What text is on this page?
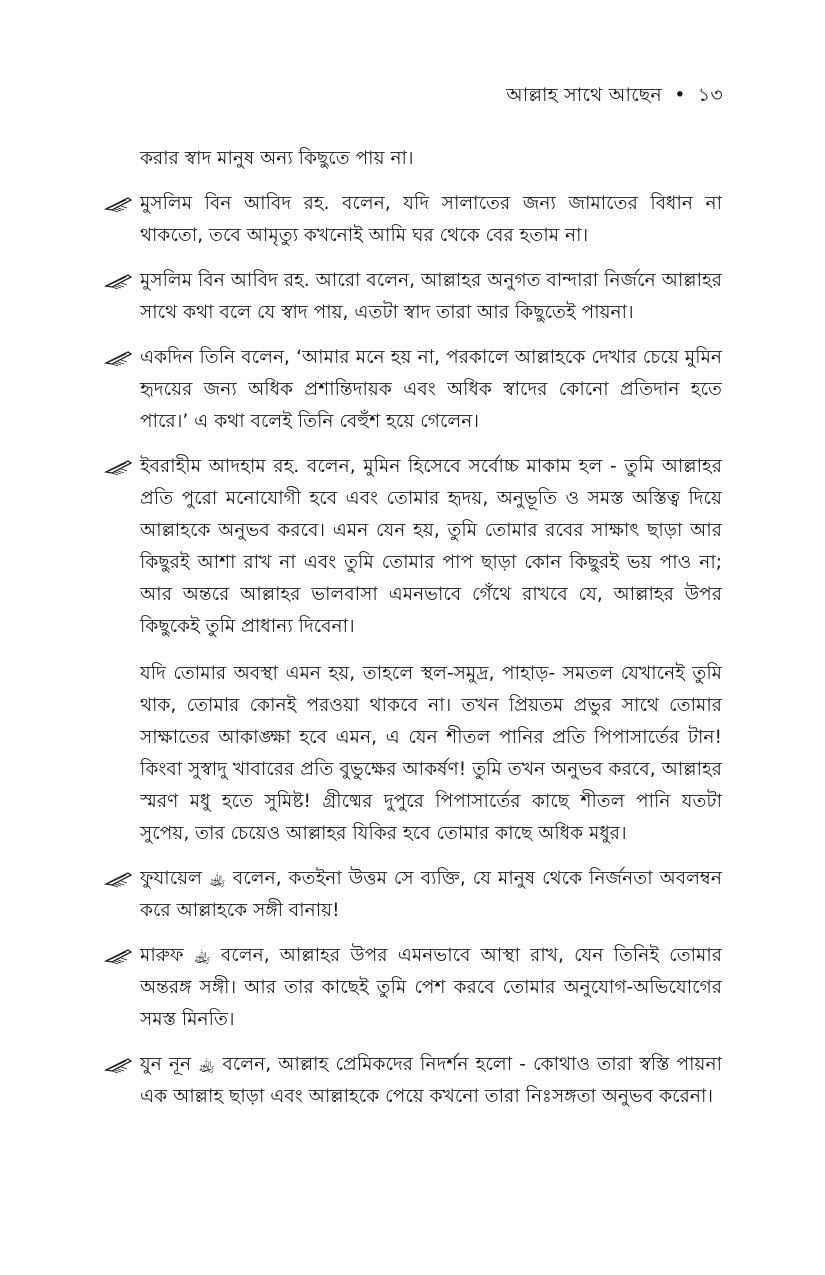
আল্লাহ সাথে আছেন • ১৩

করার স্বাদ মানুষ অন্য কিছুতে পায় না।

মুসলিম বিন আবিদ রহ. বলেন, যদি সালাতের জন্য জামাতের বিধান না থাকতো, তবে আমৃত্যু কখনোই আমি ঘর থেকে বের হতাম না।
মুসলিম বিন আবিদ রহ. আরো বলেন, আল্লাহর অনুগত বান্দারা নির্জনে আল্লাহর সাথে কথা বলে যে স্বাদ পায়, এতটা স্বাদ তারা আর কিছুতেই পায়না।
একদিন তিনি বলেন, ‘আমার মনে হয় না, পরকালে আল্লাহকে দেখার চেয়ে মুমিন হৃদয়ের জন্য অধিক প্রশান্তিদায়ক এবং অধিক স্বাদের কোনো প্রতিদান হতে পারে।’ এ কথা বলেই তিনি বেহুঁশ হয়ে গেলেন।
ইবরাহীম আদহাম রহ. বলেন, মুমিন হিসেবে সর্বোচ্চ মাকাম হল - তুমি আল্লাহর প্রতি পুরো মনোযোগী হবে এবং তোমার হৃদয়, অনুভূতি ও সমস্ত অস্তিত্ব দিয়ে আল্লাহকে অনুভব করবে। এমন যেন হয়, তুমি তোমার রবের সাক্ষাৎ ছাড়া আর কিছুরই আশা রাখ না এবং তুমি তোমার পাপ ছাড়া কোন কিছুরই ভয় পাও না; আর অন্তরে আল্লাহর ভালবাসা এমনভাবে গেঁথে রাখবে যে, আল্লাহর উপর কিছুকেই তুমি প্রাধান্য দিবেনা।

যদি তোমার অবস্থা এমন হয়, তাহলে স্থল-সমুদ্র, পাহাড়- সমতল যেখানেই তুমি থাক, তোমার কোনই পরওয়া থাকবে না। তখন প্রিয়তম প্রভুর সাথে তোমার সাক্ষাতের আকাঙ্ক্ষা হবে এমন, এ যেন শীতল পানির প্রতি পিপাসার্তের টান! কিংবা সুস্বাদু খাবারের প্রতি বুভুক্ষের আকর্ষণ! তুমি তখন অনুভব করবে, আল্লাহর স্মরণ মধু হতে সুমিষ্ট! গ্রীষ্মের দুপুরে পিপাসার্তের কাছে শীতল পানি যতটা সুপেয়, তার চেয়েও আল্লাহর যিকির হবে তোমার কাছে অধিক মধুর।

ফুযায়েল ﵀ বলেন, কতইনা উত্তম সে ব্যক্তি, যে মানুষ থেকে নির্জনতা অবলম্বন করে আল্লাহকে সঙ্গী বানায়!
মারুফ ﵀ বলেন, আল্লাহর উপর এমনভাবে আস্থা রাখ, যেন তিনিই তোমার অন্তরঙ্গ সঙ্গী। আর তার কাছেই তুমি পেশ করবে তোমার অনুযোগ-অভিযোগের সমস্ত মিনতি।
যুন নূন ﵀ বলেন, আল্লাহ প্রেমিকদের নিদর্শন হলো - কোথাও তারা স্বস্তি পায়না এক আল্লাহ ছাড়া এবং আল্লাহকে পেয়ে কখনো তারা নিঃসঙ্গতা অনুভব করেনা।
